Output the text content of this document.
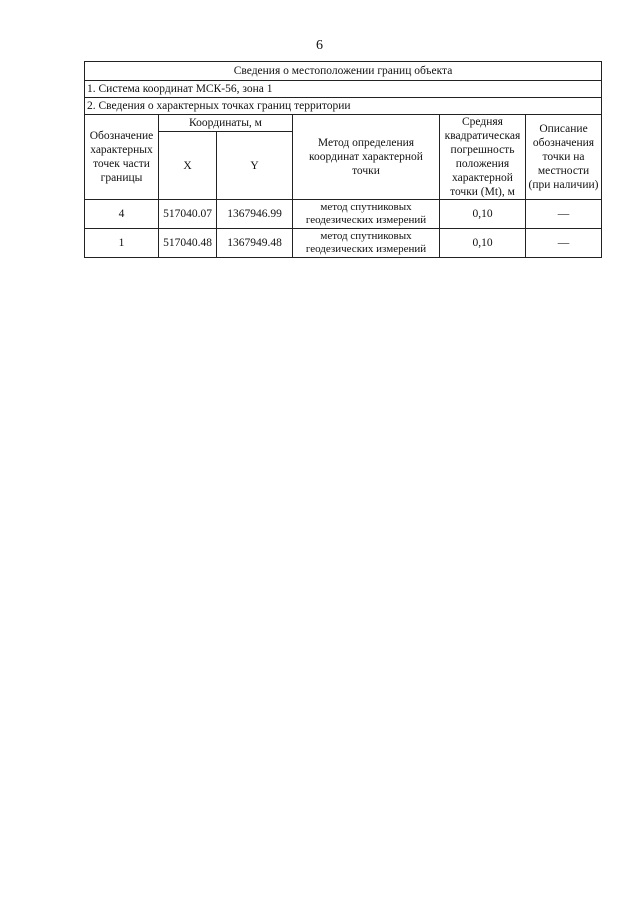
6
Сведения о местоположении границ объекта					
1. Система координат МСК-56, зона 1					
2. Сведения о характерных точках границ территории					
Обозначение характерных точек части границы	Координаты, м		Метод определения координат характерной точки	Средняя квадратическая погрешность положения характерной точки (Mt), м	Описание обозначения точки на местности (при наличии)
	X	Y			
4	517040.07	1367946.99	метод спутниковых геодезических измерений	0,10	—
1	517040.48	1367949.48	метод спутниковых геодезических измерений	0,10	—
